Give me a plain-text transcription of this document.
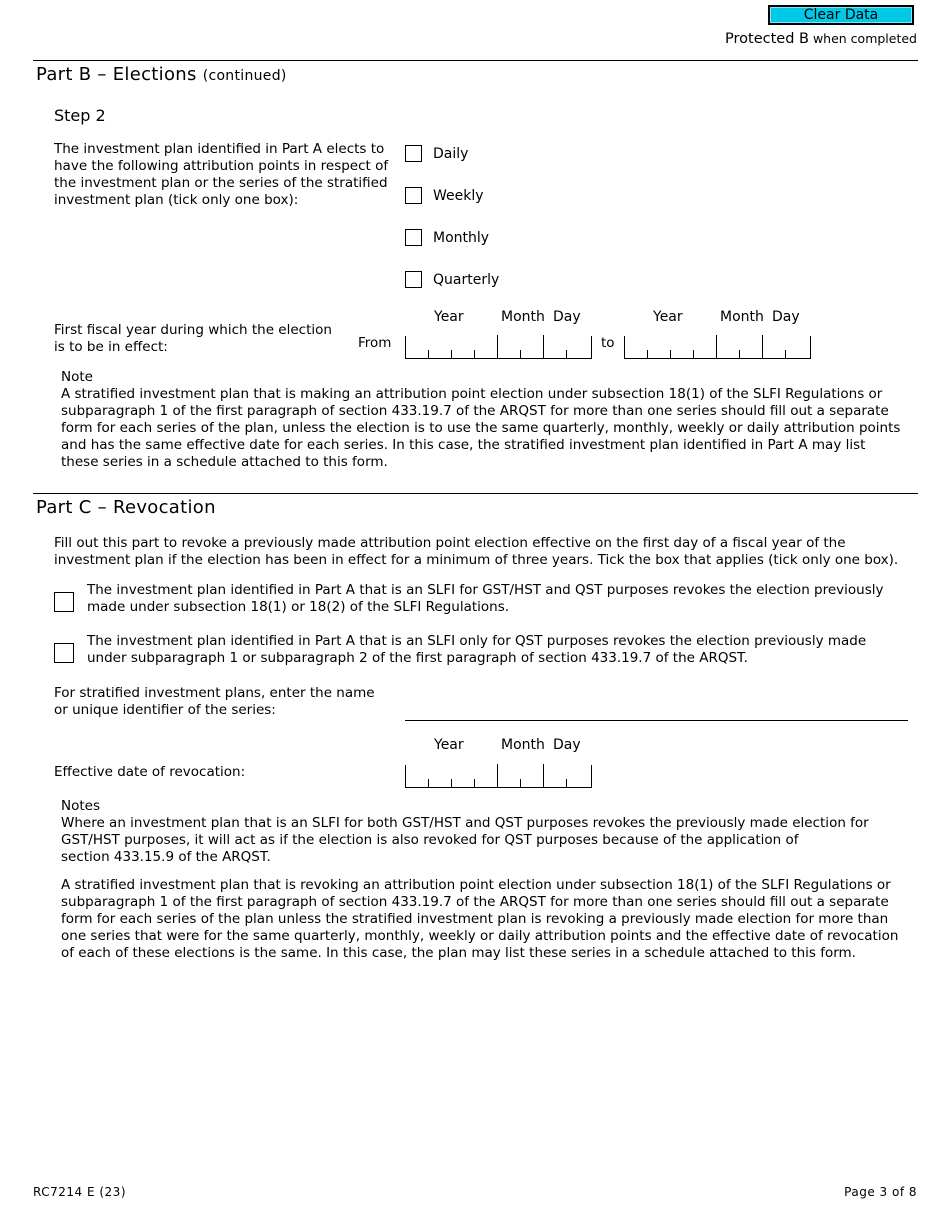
Clear Data
Protected B when completed
Part B – Elections (continued)
Step 2
The investment plan identified in Part A elects to
have the following attribution points in respect of
the investment plan or the series of the stratified
investment plan (tick only one box):
Daily
Weekly
Monthly
Quarterly
Year	Month Day	Year	Month Day
First fiscal year during which the election
is to be in effect:	From	to
Note
A stratified investment plan that is making an attribution point election under subsection 18(1) of the SLFI Regulations or
subparagraph 1 of the first paragraph of section 433.19.7 of the ARQST for more than one series should fill out a separate
form for each series of the plan, unless the election is to use the same quarterly, monthly, weekly or daily attribution points
and has the same effective date for each series. In this case, the stratified investment plan identified in Part A may list
these series in a schedule attached to this form.
Part C – Revocation
Fill out this part to revoke a previously made attribution point election effective on the first day of a fiscal year of the
investment plan if the election has been in effect for a minimum of three years. Tick the box that applies (tick only one box).
The investment plan identified in Part A that is an SLFI for GST/HST and QST purposes revokes the election previously
made under subsection 18(1) or 18(2) of the SLFI Regulations.
The investment plan identified in Part A that is an SLFI only for QST purposes revokes the election previously made
under subparagraph 1 or subparagraph 2 of the first paragraph of section 433.19.7 of the ARQST.
For stratified investment plans, enter the name
or unique identifier of the series:
Year	Month Day
Effective date of revocation:
Notes
Where an investment plan that is an SLFI for both GST/HST and QST purposes revokes the previously made election for
GST/HST purposes, it will act as if the election is also revoked for QST purposes because of the application of
section 433.15.9 of the ARQST.
A stratified investment plan that is revoking an attribution point election under subsection 18(1) of the SLFI Regulations or
subparagraph 1 of the first paragraph of section 433.19.7 of the ARQST for more than one series should fill out a separate
form for each series of the plan unless the stratified investment plan is revoking a previously made election for more than
one series that were for the same quarterly, monthly, weekly or daily attribution points and the effective date of revocation
of each of these elections is the same. In this case, the plan may list these series in a schedule attached to this form.
RC7214 E (23)	Page 3 of 8
